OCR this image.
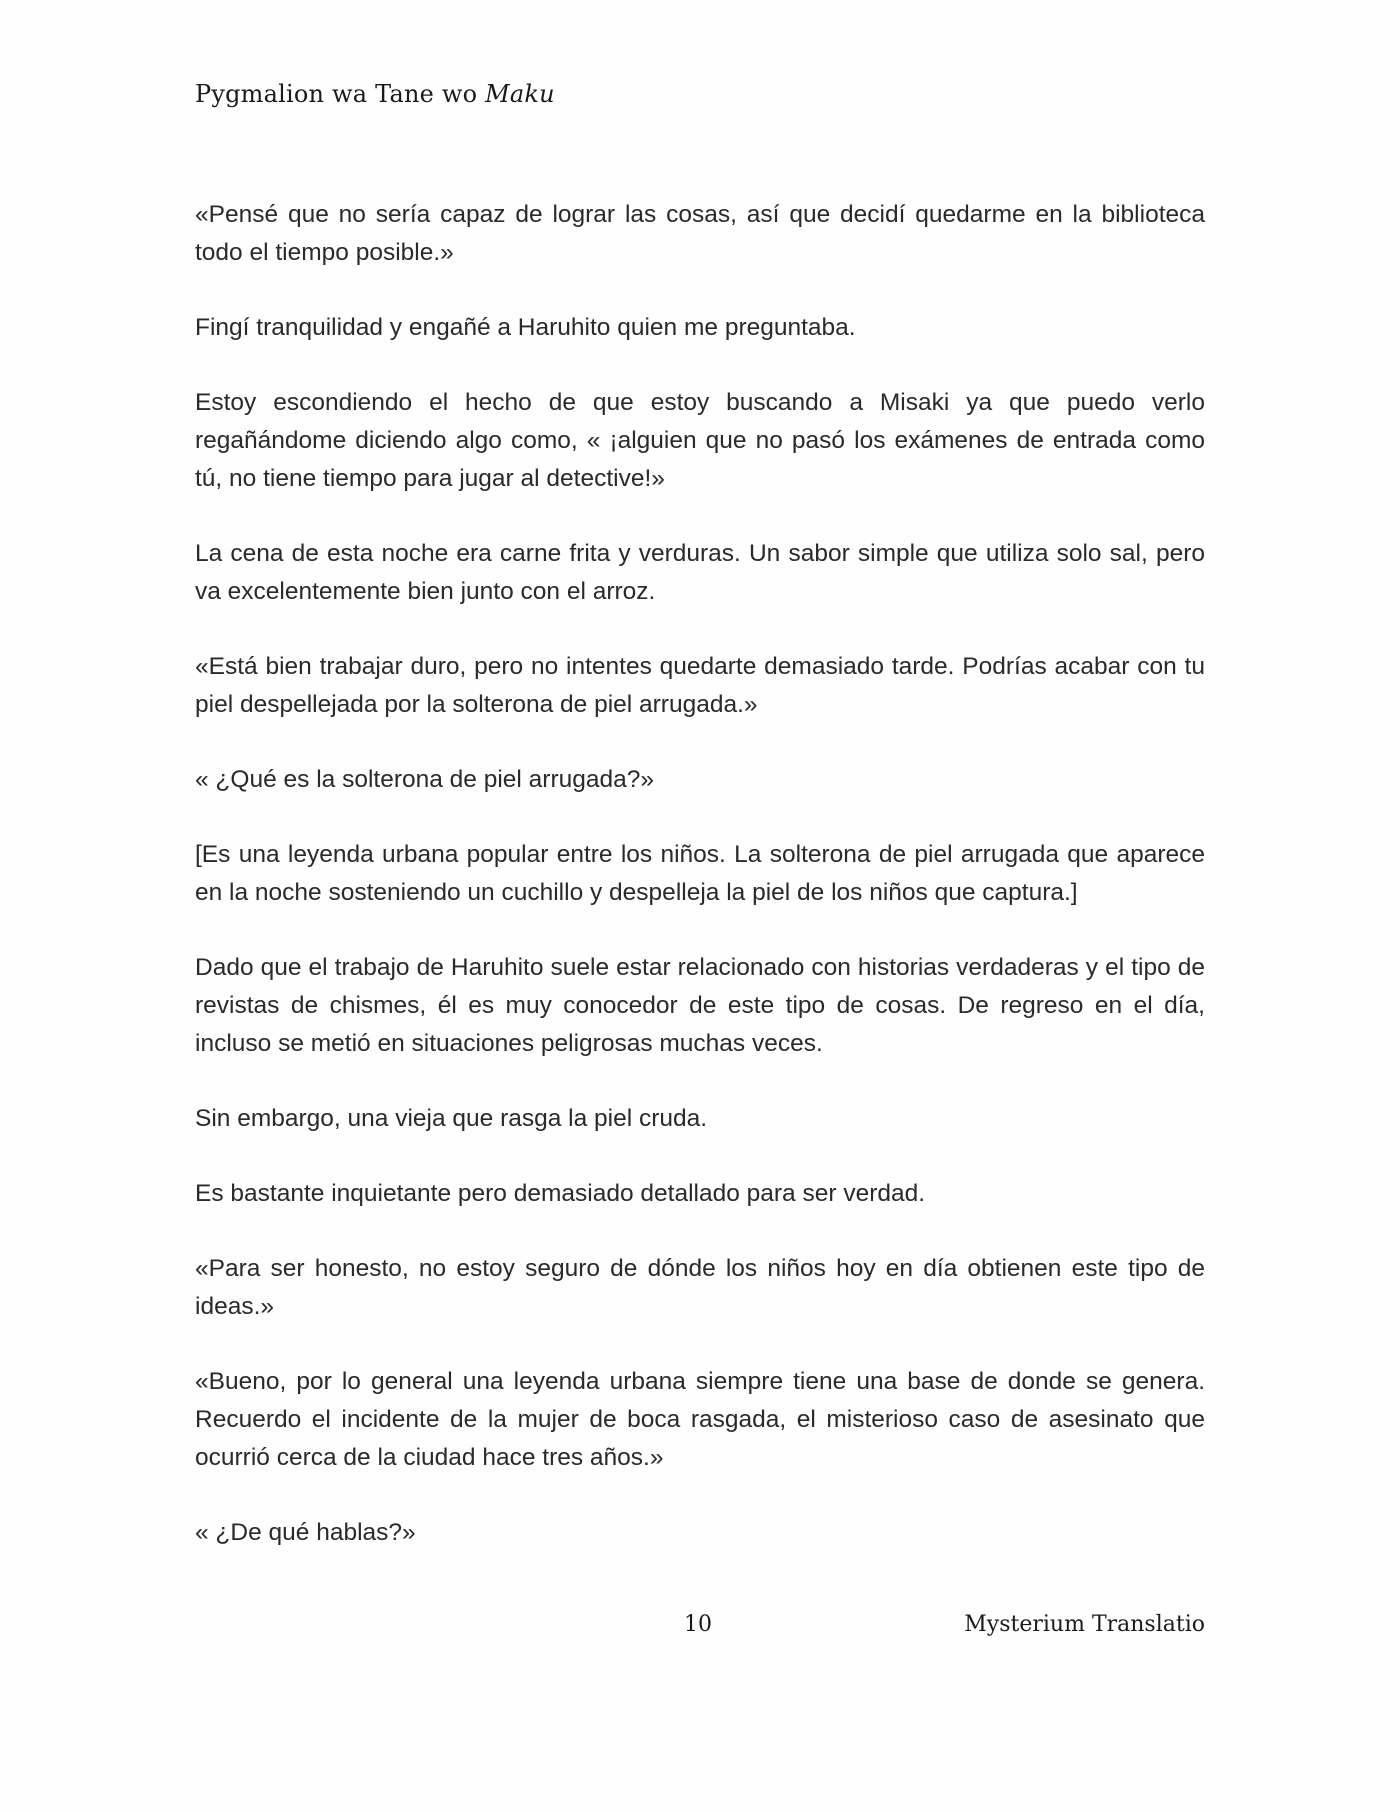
Pygmalion wa Tane wo Maku

«Pensé que no sería capaz de lograr las cosas, así que decidí quedarme en la biblioteca todo el tiempo posible.»

Fingí tranquilidad y engañé a Haruhito quien me preguntaba.

Estoy escondiendo el hecho de que estoy buscando a Misaki ya que puedo verlo regañándome diciendo algo como, « ¡alguien que no pasó los exámenes de entrada como tú, no tiene tiempo para jugar al detective!»

La cena de esta noche era carne frita y verduras. Un sabor simple que utiliza solo sal, pero va excelentemente bien junto con el arroz.

«Está bien trabajar duro, pero no intentes quedarte demasiado tarde. Podrías acabar con tu piel despellejada por la solterona de piel arrugada.»

« ¿Qué es la solterona de piel arrugada?»

[Es una leyenda urbana popular entre los niños. La solterona de piel arrugada que aparece en la noche sosteniendo un cuchillo y despelleja la piel de los niños que captura.]

Dado que el trabajo de Haruhito suele estar relacionado con historias verdaderas y el tipo de revistas de chismes, él es muy conocedor de este tipo de cosas. De regreso en el día, incluso se metió en situaciones peligrosas muchas veces.

Sin embargo, una vieja que rasga la piel cruda.

Es bastante inquietante pero demasiado detallado para ser verdad.

«Para ser honesto, no estoy seguro de dónde los niños hoy en día obtienen este tipo de ideas.»

«Bueno, por lo general una leyenda urbana siempre tiene una base de donde se genera. Recuerdo el incidente de la mujer de boca rasgada, el misterioso caso de asesinato que ocurrió cerca de la ciudad hace tres años.»

« ¿De qué hablas?»

10	Mysterium Translatio
